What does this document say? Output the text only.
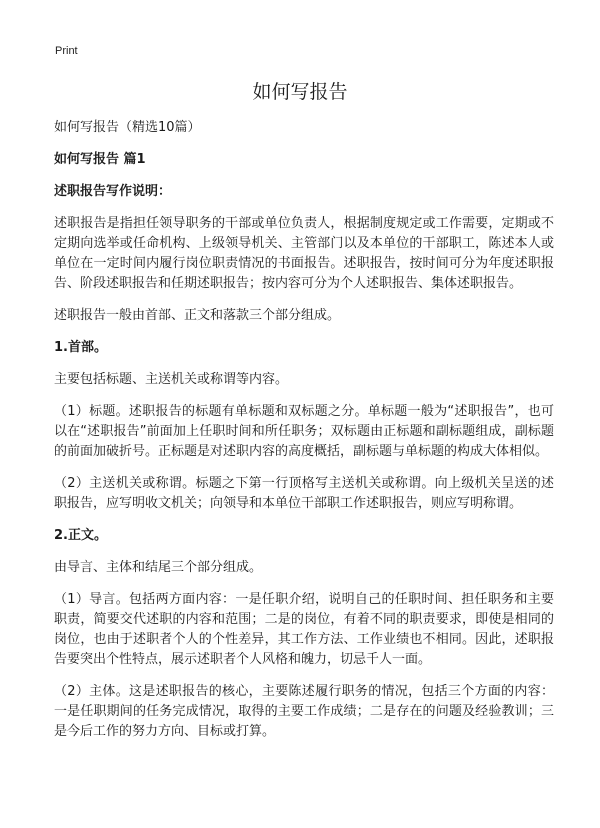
Print
如何写报告

如何写报告（精选10篇）

如何写报告 篇1

述职报告写作说明：

述职报告是指担任领导职务的干部或单位负责人，根据制度规定或工作需要，定期或不定期向选举或任命机构、上级领导机关、主管部门以及本单位的干部职工，陈述本人或单位在一定时间内履行岗位职责情况的书面报告。述职报告，按时间可分为年度述职报告、阶段述职报告和任期述职报告；按内容可分为个人述职报告、集体述职报告。

述职报告一般由首部、正文和落款三个部分组成。

1.首部。

主要包括标题、主送机关或称谓等内容。

（1）标题。述职报告的标题有单标题和双标题之分。单标题一般为“述职报告”，也可以在“述职报告”前面加上任职时间和所任职务；双标题由正标题和副标题组成，副标题的前面加破折号。正标题是对述职内容的高度概括，副标题与单标题的构成大体相似。

（2）主送机关或称谓。标题之下第一行顶格写主送机关或称谓。向上级机关呈送的述职报告，应写明收文机关；向领导和本单位干部职工作述职报告，则应写明称谓。

2.正文。

由导言、主体和结尾三个部分组成。

（1）导言。包括两方面内容：一是任职介绍，说明自己的任职时间、担任职务和主要职责，简要交代述职的内容和范围；二是的岗位，有着不同的职责要求，即使是相同的岗位，也由于述职者个人的个性差异，其工作方法、工作业绩也不相同。因此，述职报告要突出个性特点，展示述职者个人风格和魄力，切忌千人一面。

（2）主体。这是述职报告的核心，主要陈述履行职务的情况，包括三个方面的内容：一是任职期间的任务完成情况，取得的主要工作成绩；二是存在的问题及经验教训；三是今后工作的努力方向、目标或打算。
